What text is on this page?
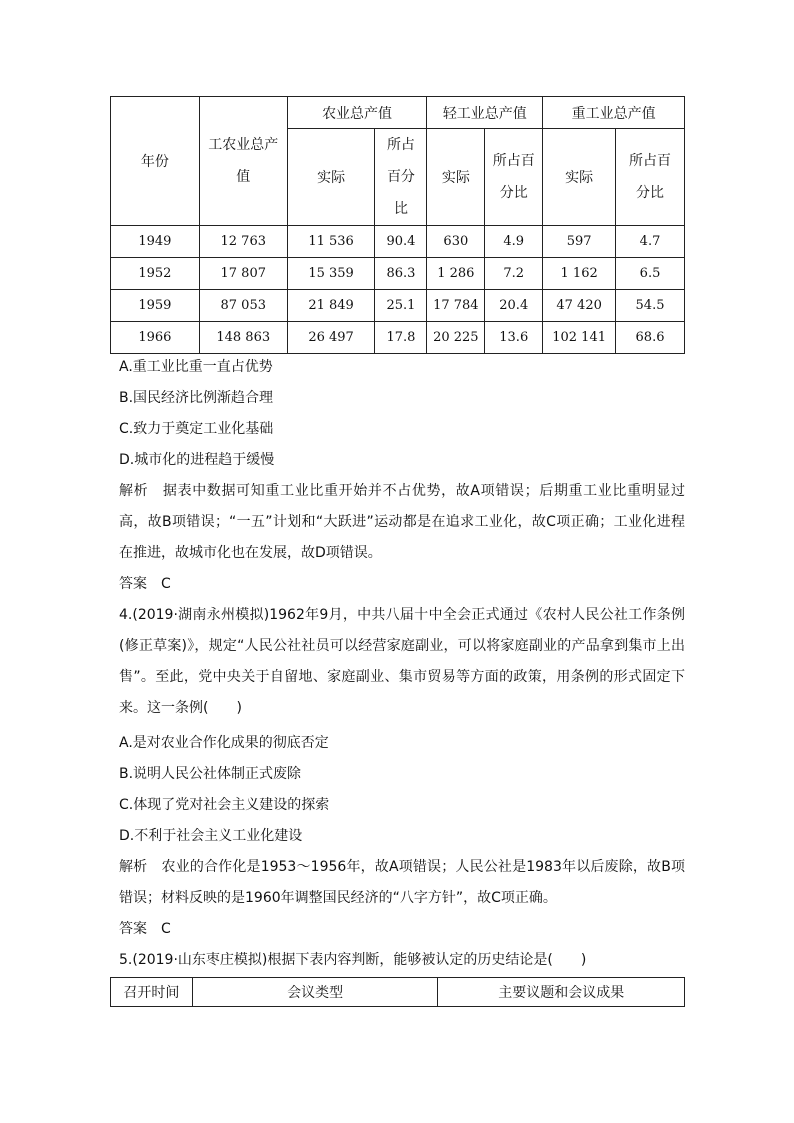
年份	工农业总产值	农业总产值		轻工业总产值		重工业总产值	
		实际	所占百分比	实际	所占百分比	实际	所占百分比

1949	12 763	11 536	90.4	630	4.9	597	4.7
1952	17 807	15 359	86.3	1 286	7.2	1 162	6.5
1959	87 053	21 849	25.1	17 784	20.4	47 420	54.5
1966	148 863	26 497	17.8	20 225	13.6	102 141	68.6
A.重工业比重一直占优势
B.国民经济比例渐趋合理
C.致力于奠定工业化基础
D.城市化的进程趋于缓慢
解析　据表中数据可知重工业比重开始并不占优势，故A项错误；后期重工业比重明显过高，故B项错误；“一五”计划和“大跃进”运动都是在追求工业化，故C项正确；工业化进程在推进，故城市化也在发展，故D项错误。
答案　C
4.(2019·湖南永州模拟)1962年9月，中共八届十中全会正式通过《农村人民公社工作条例(修正草案)》，规定“人民公社社员可以经营家庭副业，可以将家庭副业的产品拿到集市上出售”。至此，党中央关于自留地、家庭副业、集市贸易等方面的政策，用条例的形式固定下来。这一条例(　　)
A.是对农业合作化成果的彻底否定
B.说明人民公社体制正式废除
C.体现了党对社会主义建设的探索
D.不利于社会主义工业化建设
解析　农业的合作化是1953～1956年，故A项错误；人民公社是1983年以后废除，故B项错误；材料反映的是1960年调整国民经济的“八字方针”，故C项正确。
答案　C
5.(2019·山东枣庄模拟)根据下表内容判断，能够被认定的历史结论是(　　)
召开时间	会议类型	主要议题和会议成果
